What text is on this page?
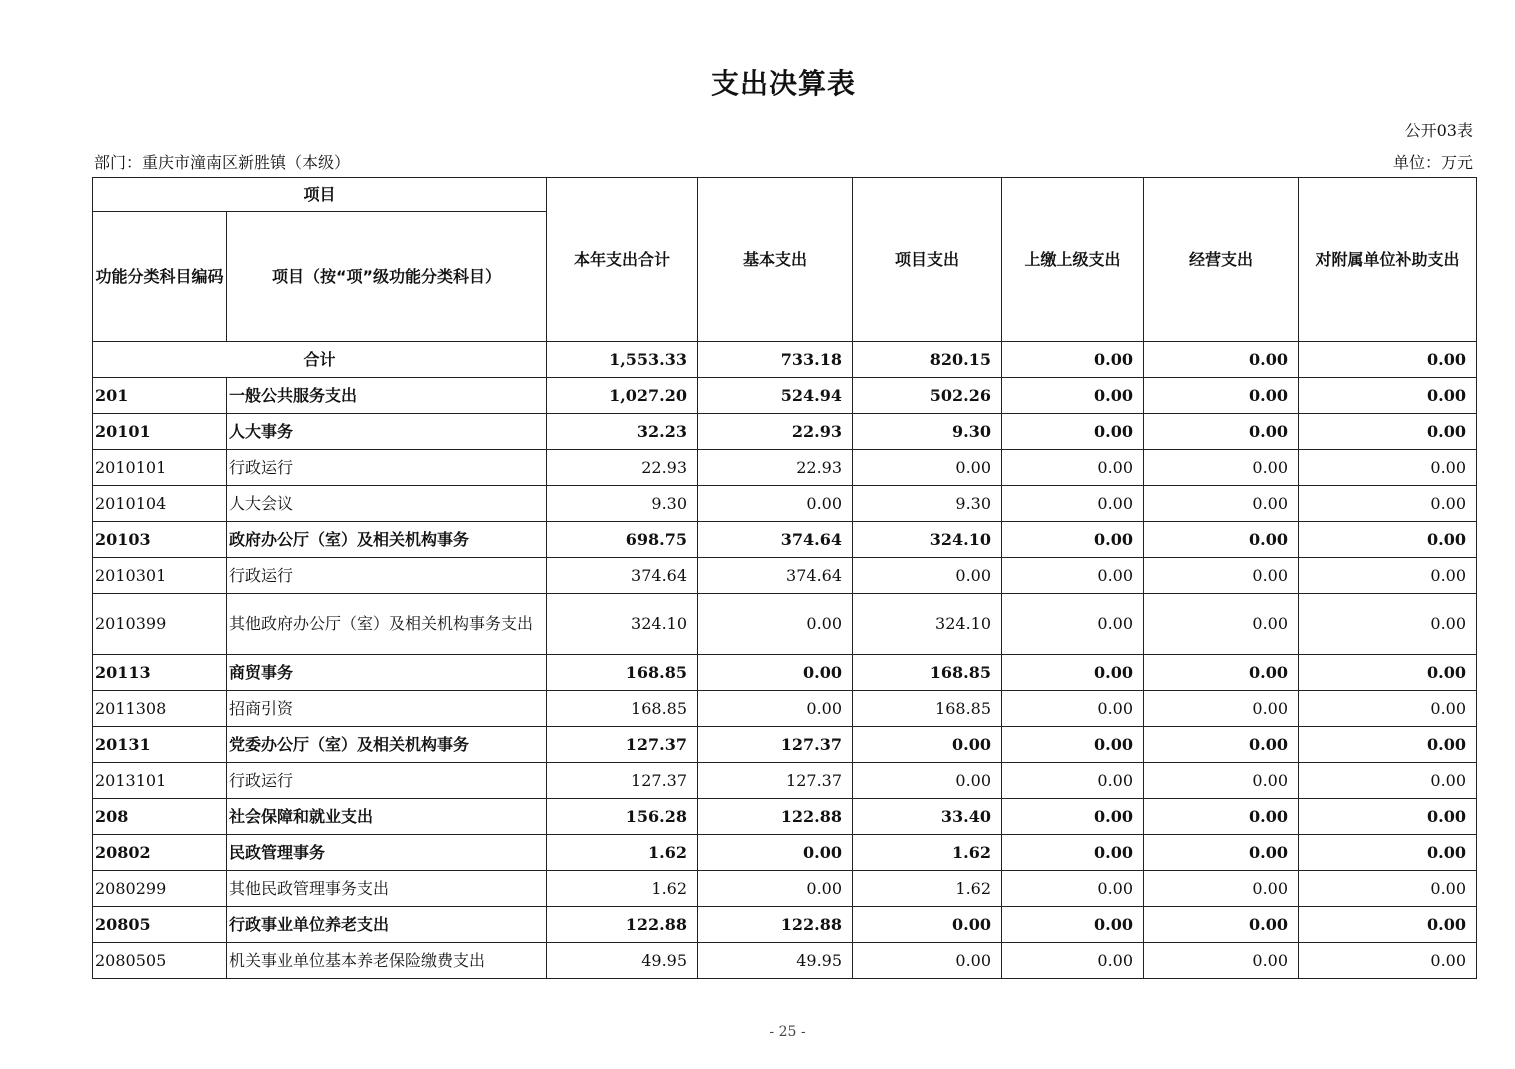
支出决算表
公开03表
部门：重庆市潼南区新胜镇（本级）	单位：万元
项目		本年支出合计	基本支出	项目支出	上缴上级支出	经营支出	对附属单位补助支出
功能分类科目编码	项目（按“项”级功能分类科目）						
合计		1,553.33	733.18	820.15	0.00	0.00	0.00
201	一般公共服务支出	1,027.20	524.94	502.26	0.00	0.00	0.00
20101	人大事务	32.23	22.93	9.30	0.00	0.00	0.00
2010101	行政运行	22.93	22.93	0.00	0.00	0.00	0.00
2010104	人大会议	9.30	0.00	9.30	0.00	0.00	0.00
20103	政府办公厅（室）及相关机构事务	698.75	374.64	324.10	0.00	0.00	0.00
2010301	行政运行	374.64	374.64	0.00	0.00	0.00	0.00
2010399	其他政府办公厅（室）及相关机构事务支出	324.10	0.00	324.10	0.00	0.00	0.00
20113	商贸事务	168.85	0.00	168.85	0.00	0.00	0.00
2011308	招商引资	168.85	0.00	168.85	0.00	0.00	0.00
20131	党委办公厅（室）及相关机构事务	127.37	127.37	0.00	0.00	0.00	0.00
2013101	行政运行	127.37	127.37	0.00	0.00	0.00	0.00
208	社会保障和就业支出	156.28	122.88	33.40	0.00	0.00	0.00
20802	民政管理事务	1.62	0.00	1.62	0.00	0.00	0.00
2080299	其他民政管理事务支出	1.62	0.00	1.62	0.00	0.00	0.00
20805	行政事业单位养老支出	122.88	122.88	0.00	0.00	0.00	0.00
2080505	机关事业单位基本养老保险缴费支出	49.95	49.95	0.00	0.00	0.00	0.00
- 25 -
